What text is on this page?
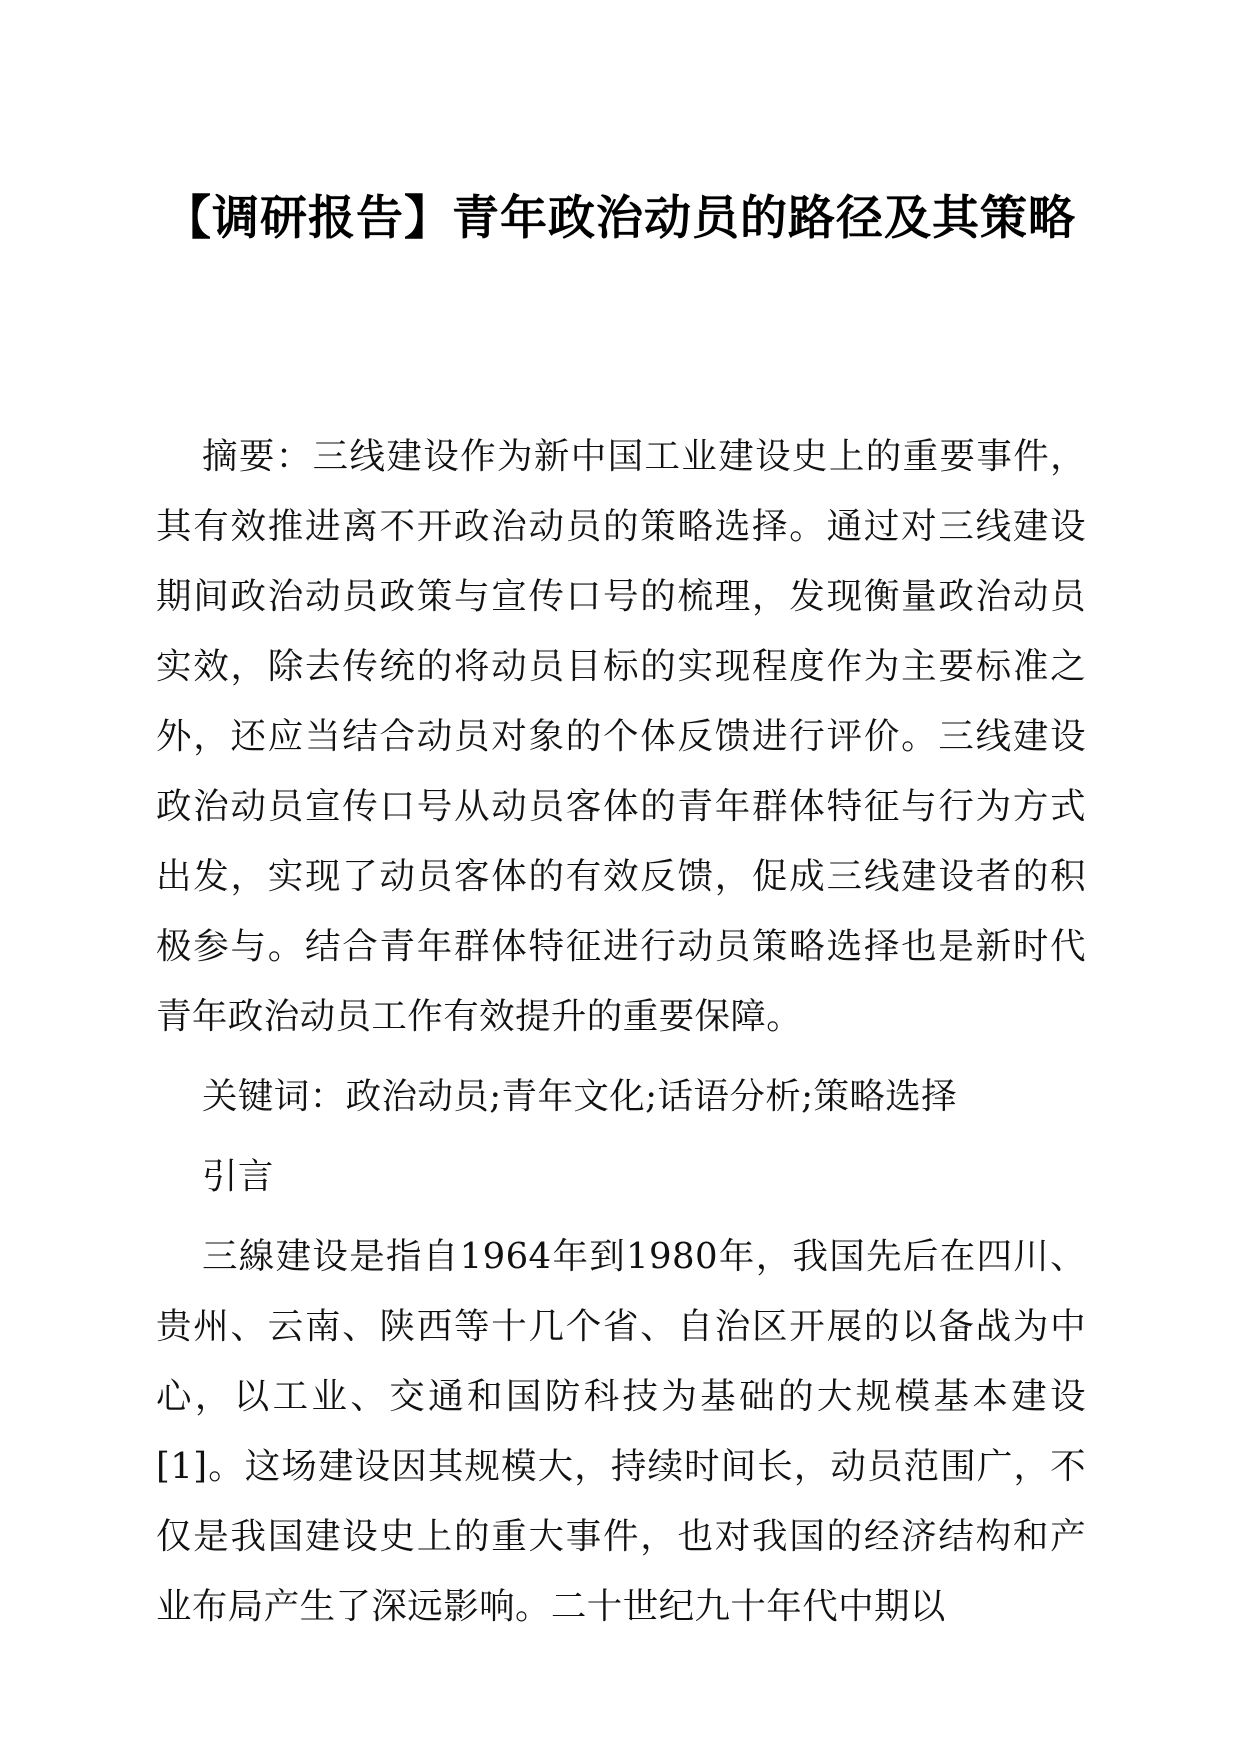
【调研报告】青年政治动员的路径及其策略

摘要：三线建设作为新中国工业建设史上的重要事件，其有效推进离不开政治动员的策略选择。通过对三线建设期间政治动员政策与宣传口号的梳理，发现衡量政治动员实效，除去传统的将动员目标的实现程度作为主要标准之外，还应当结合动员对象的个体反馈进行评价。三线建设政治动员宣传口号从动员客体的青年群体特征与行为方式出发，实现了动员客体的有效反馈，促成三线建设者的积极参与。结合青年群体特征进行动员策略选择也是新时代青年政治动员工作有效提升的重要保障。

关键词：政治动员;青年文化;话语分析;策略选择

引言

三線建设是指自1964年到1980年，我国先后在四川、贵州、云南、陕西等十几个省、自治区开展的以备战为中心，以工业、交通和国防科技为基础的大规模基本建设[1]。这场建设因其规模大，持续时间长，动员范围广，不仅是我国建设史上的重大事件，也对我国的经济结构和产业布局产生了深远影响。二十世纪九十年代中期以
